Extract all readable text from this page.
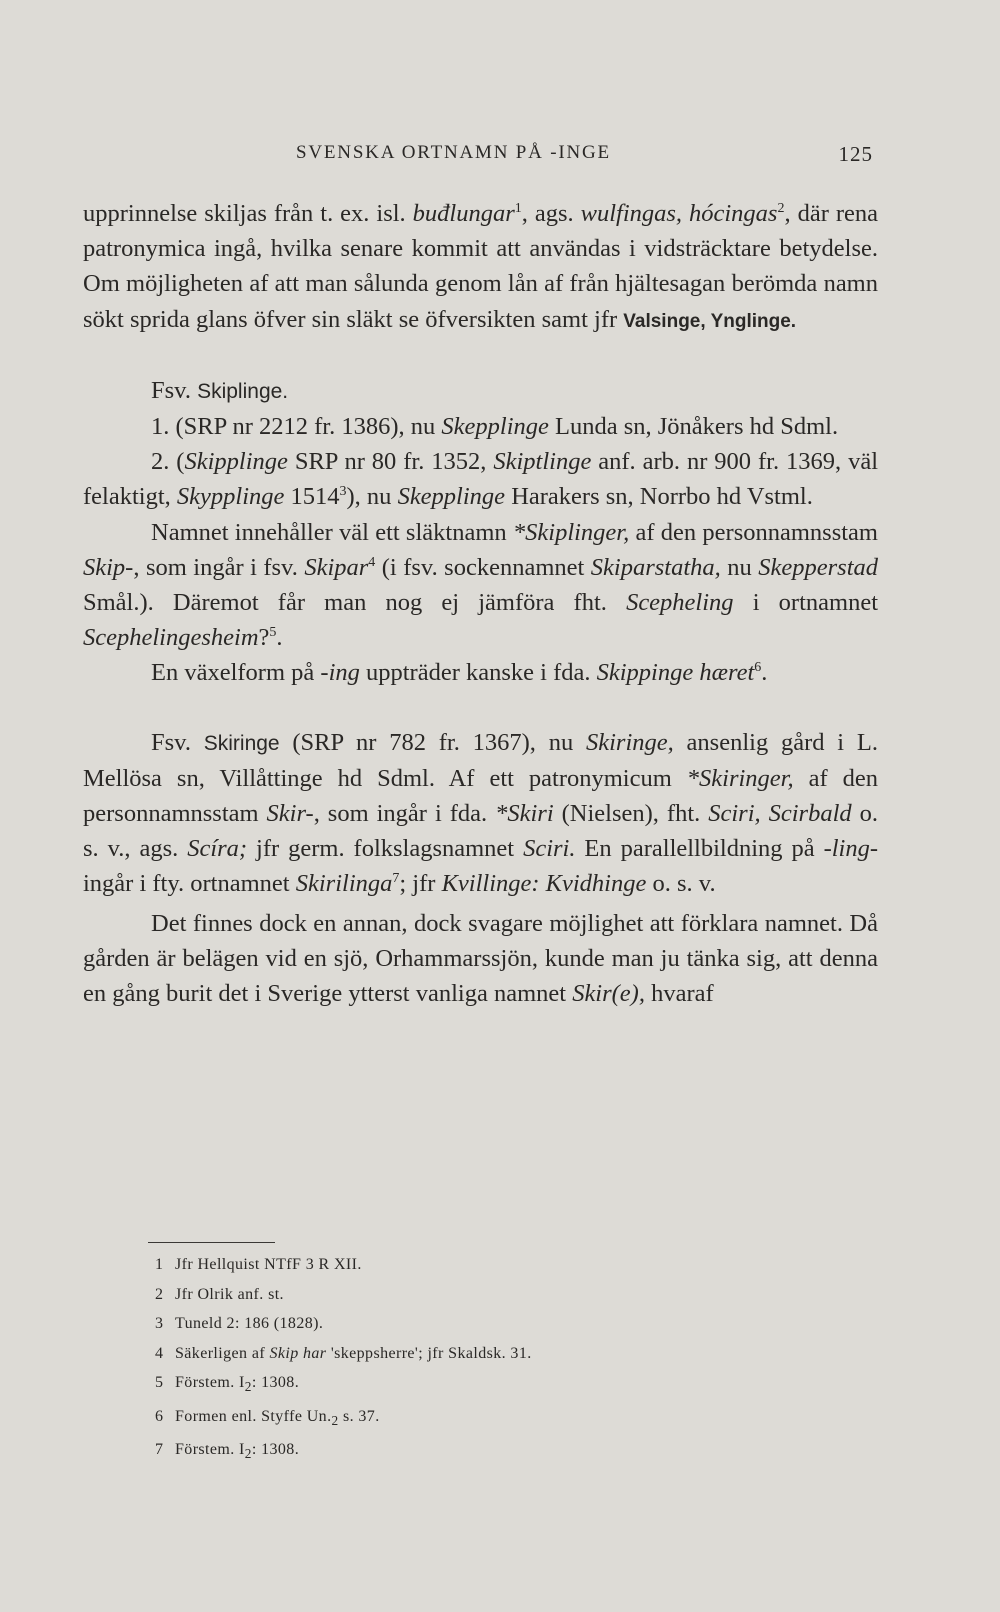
SVENSKA ORTNAMN PÅ -INGE	125

upprinnelse skiljas från t. ex. isl. buđlungar$^1$, ags. wulfingas, hócingas$^2$, där rena patronymica ingå, hvilka senare kommit att användas i vidsträcktare betydelse. Om möjligheten af att man sålunda genom lån af från hjältesagan berömda namn sökt sprida glans öfver sin släkt se öfversikten samt jfr Valsinge, Ynglinge.

Fsv. Skiplinge.

1. (SRP nr 2212 fr. 1386), nu Skepplinge Lunda sn, Jönåkers hd Sdml.

2. (Skipplinge SRP nr 80 fr. 1352, Skiptlinge anf. arb. nr 900 fr. 1369, väl felaktigt, Skypplinge 1514$^3$), nu Skepplinge Harakers sn, Norrbo hd Vstml.

Namnet innehåller väl ett släktnamn *Skiplinger, af den personnamnsstam Skip-, som ingår i fsv. Skipar$^4$ (i fsv. sockennamnet Skiparstatha, nu Skepperstad Smål.). Däremot får man nog ej jämföra fht. Scepheling i ortnamnet Scephelingesheim?$^5$.

En växelform på -ing uppträder kanske i fda. Skippinge hæret$^6$.

Fsv. Skiringe (SRP nr 782 fr. 1367), nu Skiringe, ansenlig gård i L. Mellösa sn, Villåttinge hd Sdml. Af ett patronymicum *Skiringer, af den personnamnsstam Skir-, som ingår i fda. *Skiri (Nielsen), fht. Sciri, Scirbald o. s. v., ags. Scíra; jfr germ. folkslagsnamnet Sciri. En parallellbildning på -ling- ingår i fty. ortnamnet Skirilinga$^7$; jfr Kvillinge: Kvidhinge o. s. v.

Det finnes dock en annan, dock svagare möjlighet att förklara namnet. Då gården är belägen vid en sjö, Orhammarssjön, kunde man ju tänka sig, att denna en gång burit det i Sverige ytterst vanliga namnet Skir(e), hvaraf

1 Jfr Hellquist NTfF 3 R XII.
2 Jfr Olrik anf. st.
3 Tuneld 2: 186 (1828).
4 Säkerligen af Skip har 'skeppsherre'; jfr Skaldsk. 31.
5 Förstem. $I_2$: 1308.
6 Formen enl. Styffe $Un._2$ s. 37.
7 Förstem. $I_2$: 1308.
